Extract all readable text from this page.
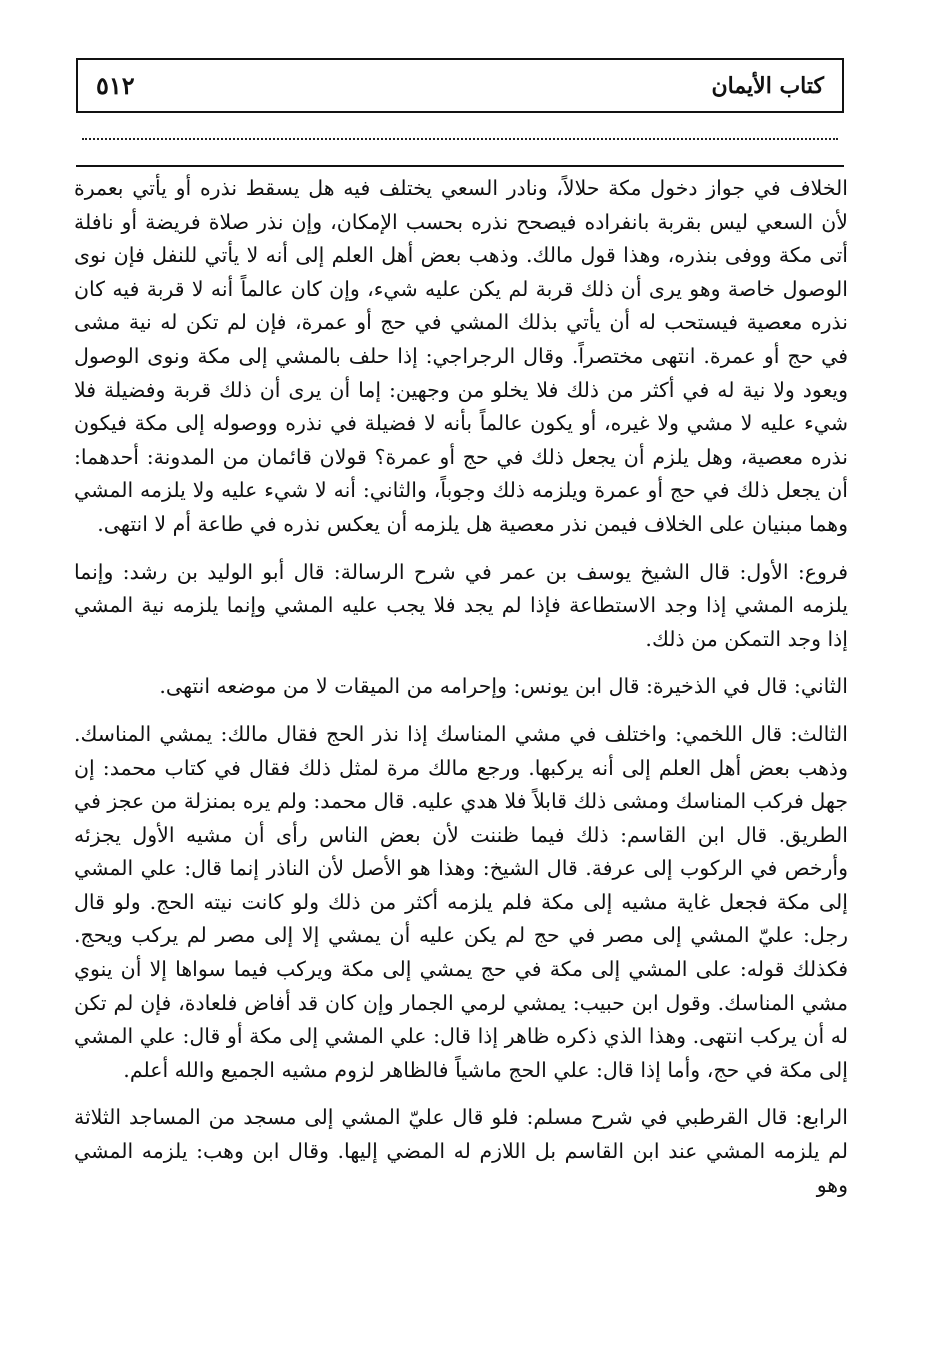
٥١٢	كتاب الأيمان

الخلاف في جواز دخول مكة حلالاً، ونادر السعي يختلف فيه هل يسقط نذره أو يأتي بعمرة لأن السعي ليس بقربة بانفراده فيصحح نذره بحسب الإمكان، وإن نذر صلاة فريضة أو نافلة أتى مكة ووفى بنذره، وهذا قول مالك. وذهب بعض أهل العلم إلى أنه لا يأتي للنفل فإن نوى الوصول خاصة وهو يرى أن ذلك قربة لم يكن عليه شيء، وإن كان عالماً أنه لا قربة فيه كان نذره معصية فيستحب له أن يأتي بذلك المشي في حج أو عمرة، فإن لم تكن له نية مشى في حج أو عمرة. انتهى مختصراً. وقال الرجراجي: إذا حلف بالمشي إلى مكة ونوى الوصول ويعود ولا نية له في أكثر من ذلك فلا يخلو من وجهين: إما أن يرى أن ذلك قربة وفضيلة فلا شيء عليه لا مشي ولا غيره، أو يكون عالماً بأنه لا فضيلة في نذره ووصوله إلى مكة فيكون نذره معصية، وهل يلزم أن يجعل ذلك في حج أو عمرة؟ قولان قائمان من المدونة: أحدهما: أن يجعل ذلك في حج أو عمرة ويلزمه ذلك وجوباً، والثاني: أنه لا شيء عليه ولا يلزمه المشي وهما مبنيان على الخلاف فيمن نذر معصية هل يلزمه أن يعكس نذره في طاعة أم لا انتهى.

فروع: الأول: قال الشيخ يوسف بن عمر في شرح الرسالة: قال أبو الوليد بن رشد: وإنما يلزمه المشي إذا وجد الاستطاعة فإذا لم يجد فلا يجب عليه المشي وإنما يلزمه نية المشي إذا وجد التمكن من ذلك.

الثاني: قال في الذخيرة: قال ابن يونس: وإحرامه من الميقات لا من موضعه انتهى.

الثالث: قال اللخمي: واختلف في مشي المناسك إذا نذر الحج فقال مالك: يمشي المناسك. وذهب بعض أهل العلم إلى أنه يركبها. ورجع مالك مرة لمثل ذلك فقال في كتاب محمد: إن جهل فركب المناسك ومشى ذلك قابلاً فلا هدي عليه. قال محمد: ولم يره بمنزلة من عجز في الطريق. قال ابن القاسم: ذلك فيما ظننت لأن بعض الناس رأى أن مشيه الأول يجزئه وأرخص في الركوب إلى عرفة. قال الشيخ: وهذا هو الأصل لأن الناذر إنما قال: علي المشي إلى مكة فجعل غاية مشيه إلى مكة فلم يلزمه أكثر من ذلك ولو كانت نيته الحج. ولو قال رجل: عليّ المشي إلى مصر في حج لم يكن عليه أن يمشي إلا إلى مصر لم يركب ويحج. فكذلك قوله: على المشي إلى مكة في حج يمشي إلى مكة ويركب فيما سواها إلا أن ينوي مشي المناسك. وقول ابن حبيب: يمشي لرمي الجمار وإن كان قد أفاض فلعادة، فإن لم تكن له أن يركب انتهى. وهذا الذي ذكره ظاهر إذا قال: علي المشي إلى مكة أو قال: علي المشي إلى مكة في حج، وأما إذا قال: علي الحج ماشياً فالظاهر لزوم مشيه الجميع والله أعلم.

الرابع: قال القرطبي في شرح مسلم: فلو قال عليّ المشي إلى مسجد من المساجد الثلاثة لم يلزمه المشي عند ابن القاسم بل اللازم له المضي إليها. وقال ابن وهب: يلزمه المشي وهو
